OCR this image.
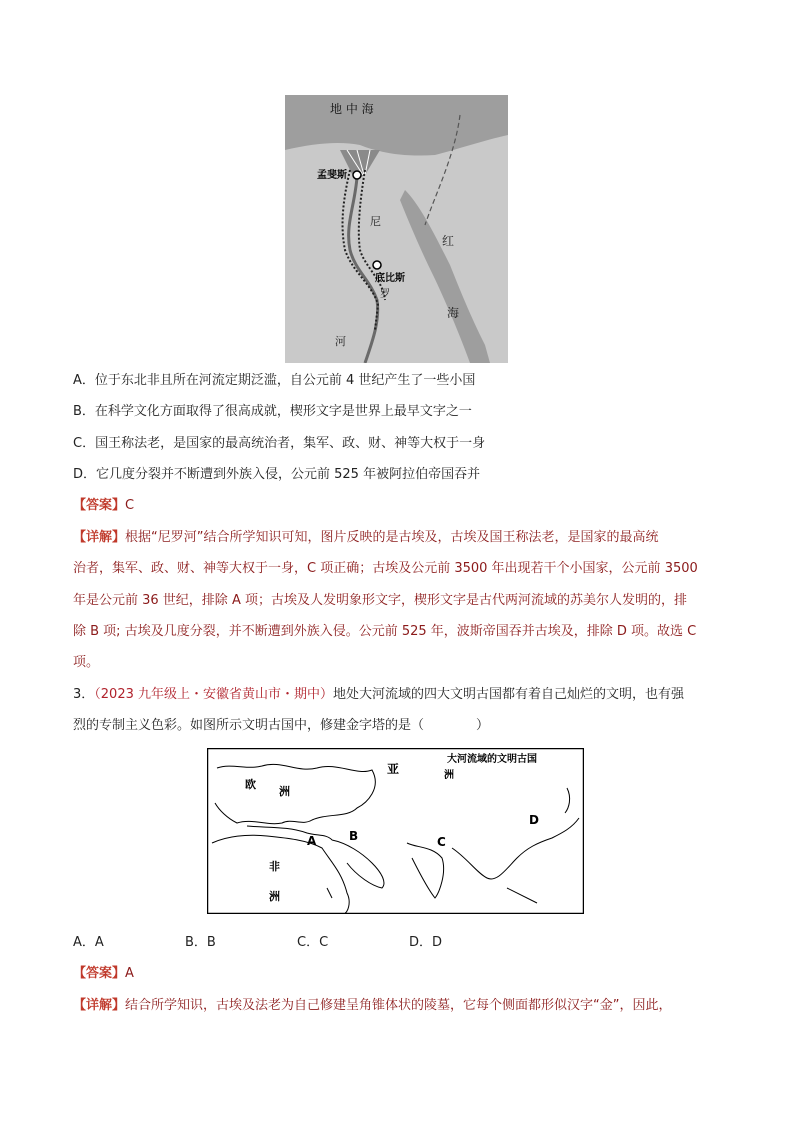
地 中 海
孟斐斯
底比斯
尼
罗
河
红
海
A．位于东北非且所在河流定期泛滥，自公元前 4 世纪产生了一些小国
B．在科学文化方面取得了很高成就，楔形文字是世界上最早文字之一
C．国王称法老，是国家的最高统治者，集军、政、财、神等大权于一身
D．它几度分裂并不断遭到外族入侵，公元前 525 年被阿拉伯帝国吞并
【答案】C
【详解】根据“尼罗河”结合所学知识可知，图片反映的是古埃及，古埃及国王称法老，是国家的最高统
治者，集军、政、财、神等大权于一身，C 项正确；古埃及公元前 3500 年出现若干个小国家，公元前 3500
年是公元前 36 世纪，排除 A 项；古埃及人发明象形文字，楔形文字是古代两河流域的苏美尔人发明的，排
除 B 项; 古埃及几度分裂，并不断遭到外族入侵。公元前 525 年，波斯帝国吞并古埃及，排除 D 项。故选 C
项。
3．（2023 九年级上・安徽省黄山市・期中）地处大河流域的四大文明古国都有着自己灿烂的文明，也有强
烈的专制主义色彩。如图所示文明古国中，修建金字塔的是（　　　　）
大河流域的文明古国
亚	洲
欧
洲
非
洲
A	B	C
D
A．A	B．B	C．C	D．D
【答案】A
【详解】结合所学知识，古埃及法老为自己修建呈角锥体状的陵墓，它每个侧面都形似汉字“金”，因此，
